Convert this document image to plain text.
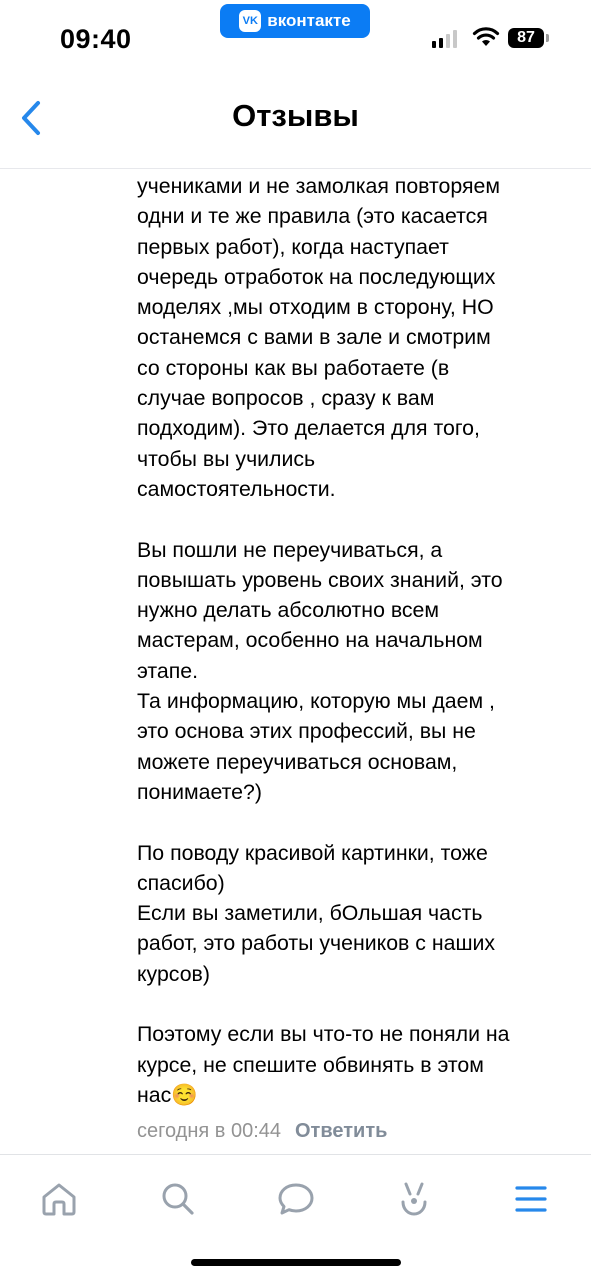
09:40
VK вконтакте
87
Отзывы

учениками и не замолкая повторяем
одни и те же правила (это касается
первых работ), когда наступает
очередь отработок на последующих
моделях ,мы отходим в сторону, НО
останемся с вами в зале и смотрим
со стороны как вы работаете (в
случае вопросов , сразу к вам
подходим). Это делается для того,
чтобы вы учились
самостоятельности.

Вы пошли не переучиваться, а
повышать уровень своих знаний, это
нужно делать абсолютно всем
мастерам, особенно на начальном
этапе.
Та информацию, которую мы даем ,
это основа этих профессий, вы не
можете переучиваться основам,
понимаете?)

По поводу красивой картинки, тоже
спасибо)
Если вы заметили, бОльшая часть
работ, это работы учеников с наших
курсов)

Поэтому если вы что-то не поняли на
курсе, не спешите обвинять в этом
нас☺️

сегодня в 00:44 Ответить
